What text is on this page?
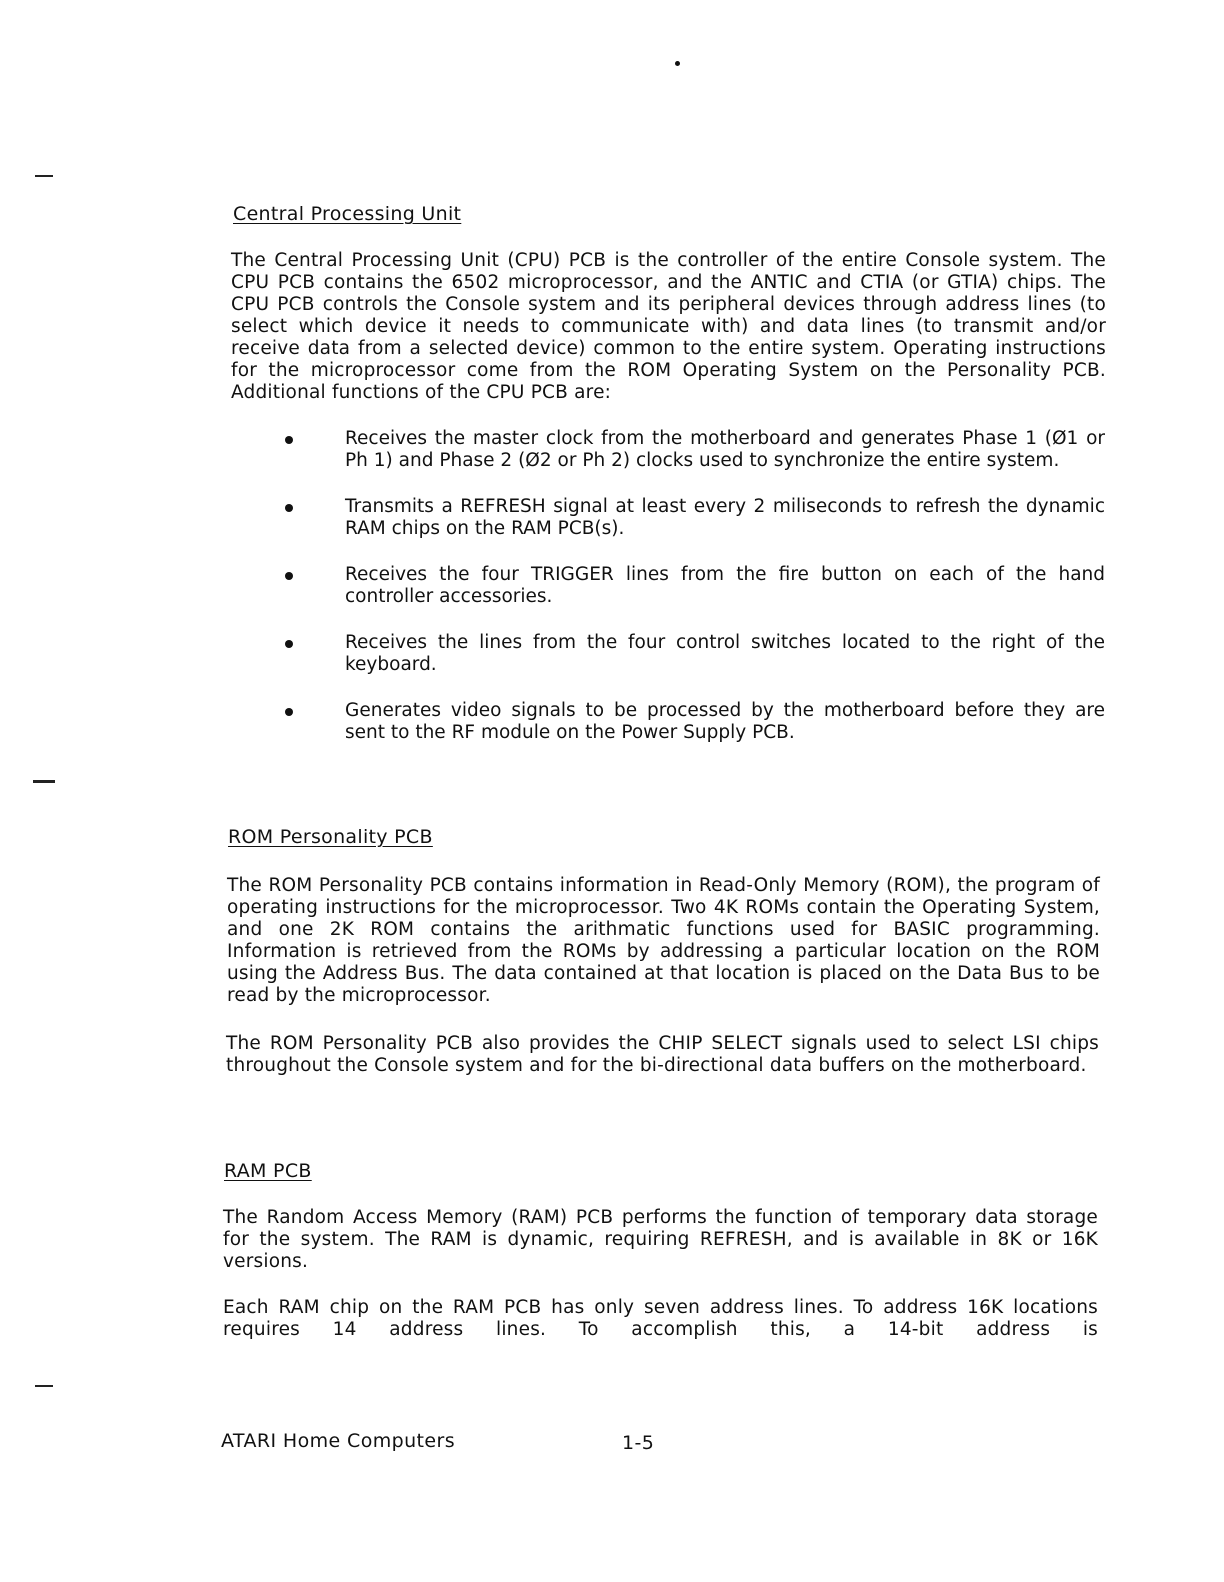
Central Processing Unit

The Central Processing Unit (CPU) PCB is the controller of the entire Console system. The CPU PCB contains the 6502 microprocessor, and the ANTIC and CTIA (or GTIA) chips. The CPU PCB controls the Console system and its peripheral devices through address lines (to select which device it needs to communicate with) and data lines (to transmit and/or receive data from a selected device) common to the entire system. Operating instructions for the microprocessor come from the ROM Operating System on the Personality PCB. Additional functions of the CPU PCB are:

Receives the master clock from the motherboard and generates Phase 1 (Ø1 or Ph 1) and Phase 2 (Ø2 or Ph 2) clocks used to synchronize the entire system.
Transmits a REFRESH signal at least every 2 miliseconds to refresh the dynamic RAM chips on the RAM PCB(s).
Receives the four TRIGGER lines from the fire button on each of the hand controller accessories.
Receives the lines from the four control switches located to the right of the keyboard.
Generates video signals to be processed by the motherboard before they are sent to the RF module on the Power Supply PCB.
ROM Personality PCB

The ROM Personality PCB contains information in Read-Only Memory (ROM), the program of operating instructions for the microprocessor. Two 4K ROMs contain the Operating System, and one 2K ROM contains the arithmatic functions used for BASIC programming. Information is retrieved from the ROMs by addressing a particular location on the ROM using the Address Bus. The data contained at that location is placed on the Data Bus to be read by the microprocessor.

The ROM Personality PCB also provides the CHIP SELECT signals used to select LSI chips throughout the Console system and for the bi-directional data buffers on the motherboard.

RAM PCB

The Random Access Memory (RAM) PCB performs the function of temporary data storage for the system. The RAM is dynamic, requiring REFRESH, and is available in 8K or 16K versions.

Each RAM chip on the RAM PCB has only seven address lines. To address 16K locations requires 14 address lines. To accomplish this, a 14-bit address is

ATARI Home Computers	1-5
